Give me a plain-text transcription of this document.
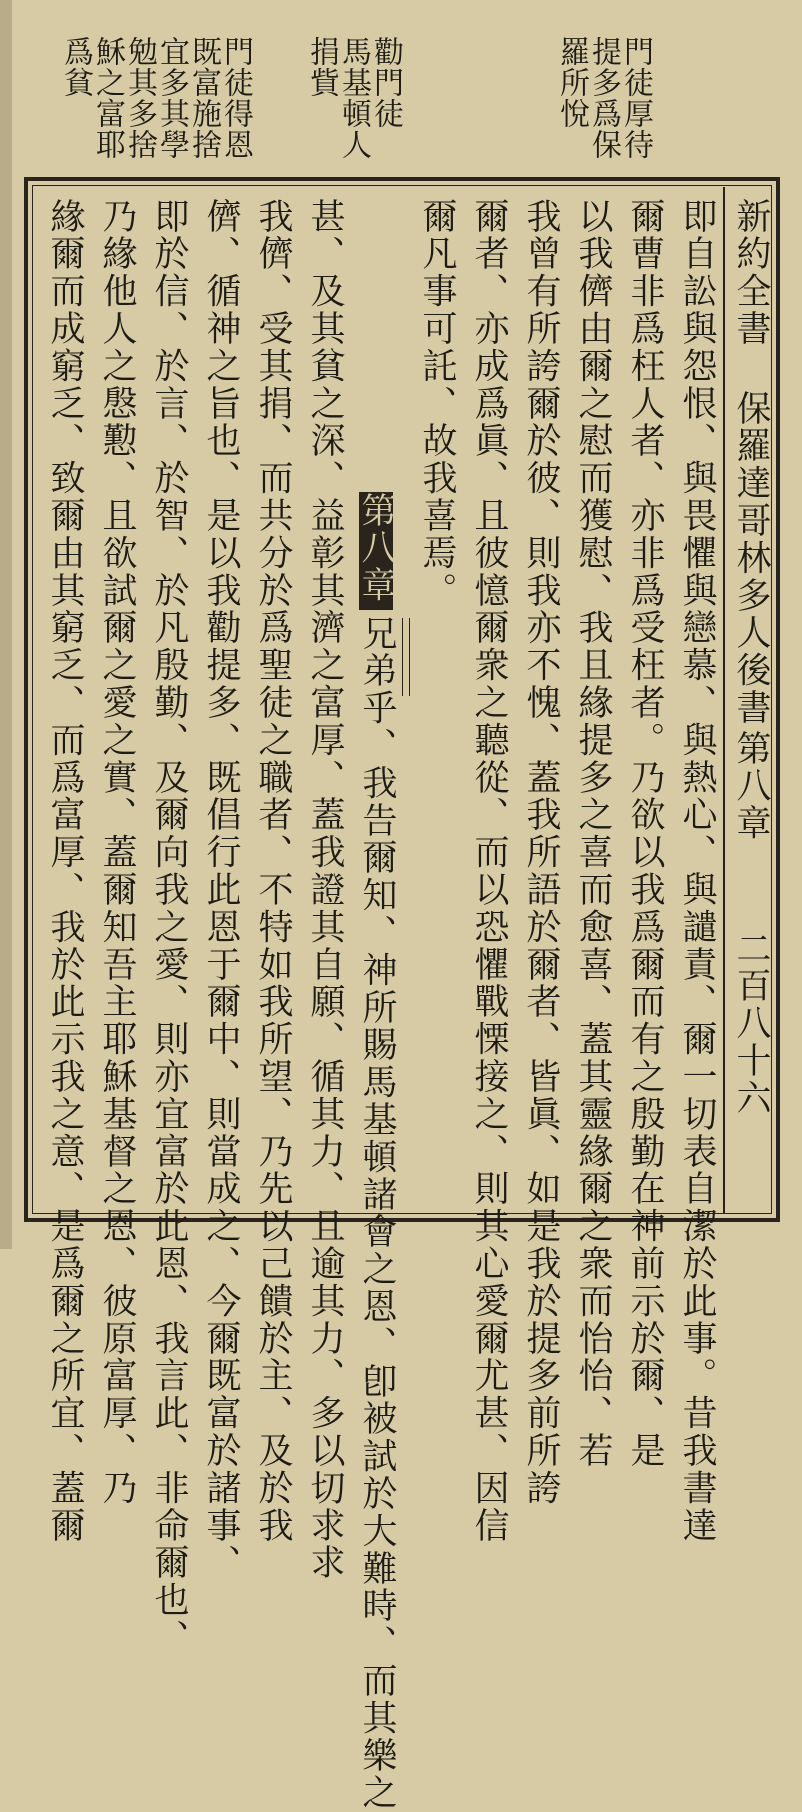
門徒厚待
提多爲保
羅所悅
勸門徒
馬基頓人
捐貲
門徒得恩
既富施捨
宜多其學
勉其多捨
穌之富耶
爲貧
新約全書
保羅達哥林多人後書
第八章
二百八十六
即自訟與怨恨、與畏懼與戀慕、與熱心、與譴責、爾一切表自潔於此事。昔我書達
爾曹非爲枉人者、亦非爲受枉者。乃欲以我爲爾而有之殷勤在神前示於爾、是
以我儕由爾之慰而獲慰、我且緣提多之喜而愈喜、蓋其靈緣爾之衆而怡怡、若
我曾有所誇爾於彼、則我亦不愧、蓋我所語於爾者、皆眞、如是我於提多前所誇
爾者、亦成爲眞、且彼憶爾衆之聽從、而以恐懼戰慄接之、則其心愛爾尤甚、因信
爾凡事可託、故我喜焉。
第八章
兄弟乎、我告爾知、神所賜馬基頓諸會之恩、卽被試於大難時、而其樂之
甚、及其貧之深、益彰其濟之富厚、蓋我證其自願、循其力、且逾其力、多以切求求
我儕、受其捐、而共分於爲聖徒之職者、不特如我所望、乃先以己饋於主、及於我
儕、循神之旨也、是以我勸提多、既倡行此恩于爾中、則當成之、今爾既富於諸事、
即於信、於言、於智、於凡殷勤、及爾向我之愛、則亦宜富於此恩、我言此、非命爾也、
乃緣他人之慇懃、且欲試爾之愛之實、蓋爾知吾主耶穌基督之恩、彼原富厚、乃
緣爾而成窮乏、致爾由其窮乏、而爲富厚、我於此示我之意、是爲爾之所宜、蓋爾
